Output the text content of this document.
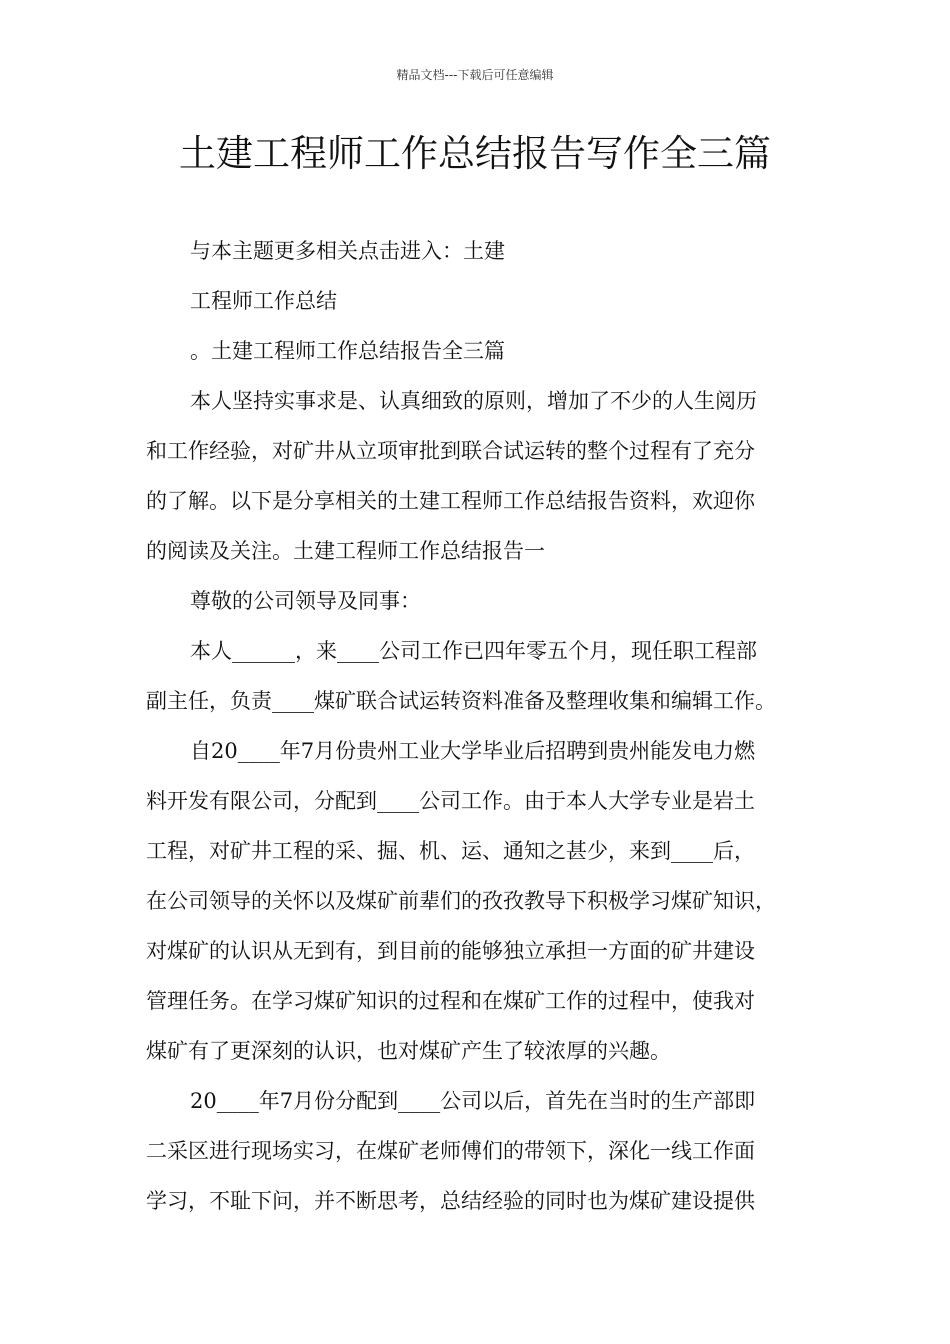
精品文档---下载后可任意编辑
土建工程师工作总结报告写作全三篇
与本主题更多相关点击进入：土建
工程师工作总结
。土建工程师工作总结报告全三篇
本人坚持实事求是、认真细致的原则，增加了不少的人生阅历
和工作经验，对矿井从立项审批到联合试运转的整个过程有了充分
的了解。以下是分享相关的土建工程师工作总结报告资料，欢迎你
的阅读及关注。土建工程师工作总结报告一
尊敬的公司领导及同事：
本人______，来____公司工作已四年零五个月，现任职工程部
副主任，负责____煤矿联合试运转资料准备及整理收集和编辑工作。
自20____年7月份贵州工业大学毕业后招聘到贵州能发电力燃
料开发有限公司，分配到____公司工作。由于本人大学专业是岩土
工程，对矿井工程的采、掘、机、运、通知之甚少，来到____后，
在公司领导的关怀以及煤矿前辈们的孜孜教导下积极学习煤矿知识，
对煤矿的认识从无到有，到目前的能够独立承担一方面的矿井建设
管理任务。在学习煤矿知识的过程和在煤矿工作的过程中，使我对
煤矿有了更深刻的认识，也对煤矿产生了较浓厚的兴趣。
20____年7月份分配到____公司以后，首先在当时的生产部即
二采区进行现场实习，在煤矿老师傅们的带领下，深化一线工作面
学习，不耻下问，并不断思考，总结经验的同时也为煤矿建设提供
